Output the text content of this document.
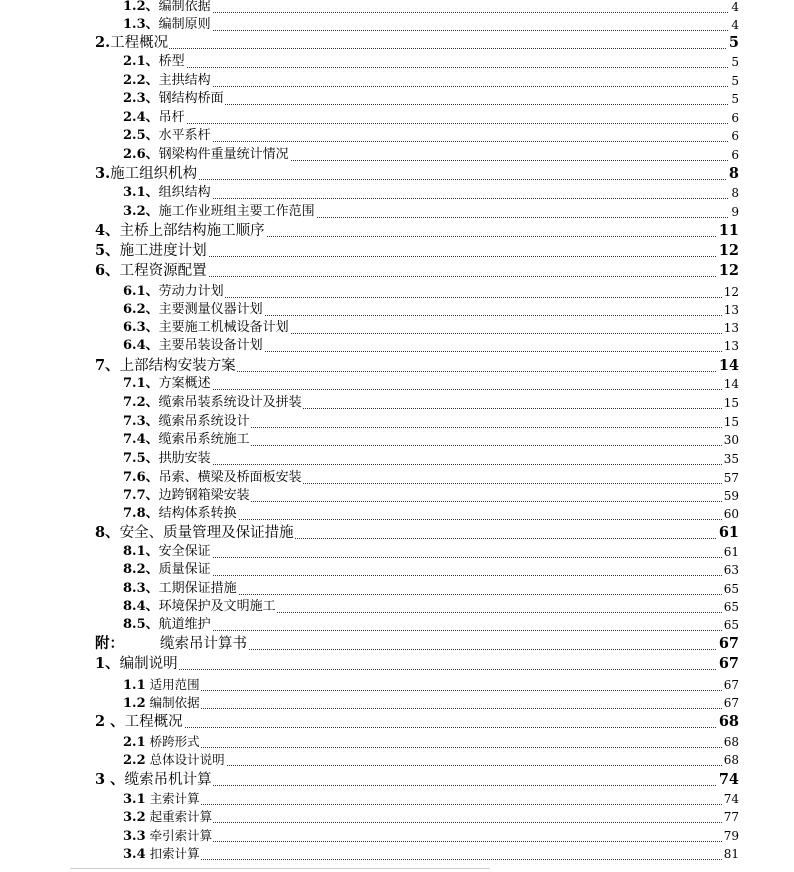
1.2、编制依据	4
1.3、编制原则	4
2.工程概况	5
2.1、桥型	5
2.2、主拱结构	5
2.3、钢结构桥面	5
2.4、吊杆	6
2.5、水平系杆	6
2.6、钢梁构件重量统计情况	6
3.施工组织机构	8
3.1、组织结构	8
3.2、施工作业班组主要工作范围	9
4、主桥上部结构施工顺序	11
5、施工进度计划	12
6、工程资源配置	12
6.1、劳动力计划	12
6.2、主要测量仪器计划	13
6.3、主要施工机械设备计划	13
6.4、主要吊装设备计划	13
7、上部结构安装方案	14
7.1、方案概述	14
7.2、缆索吊装系统设计及拼装	15
7.3、缆索吊系统设计	15
7.4、缆索吊系统施工	30
7.5、拱肋安装	35
7.6、吊索、横梁及桥面板安装	57
7.7、边跨钢箱梁安装	59
7.8、结构体系转换	60
8、安全、质量管理及保证措施	61
8.1、安全保证	61
8.2、质量保证	63
8.3、工期保证措施	65
8.4、环境保护及文明施工	65
8.5、航道维护	65
附： 缆索吊计算书	67
1、编制说明	67
1.1 适用范围	67
1.2 编制依据	67
2 、工程概况	68
2.1 桥跨形式	68
2.2 总体设计说明	68
3 、缆索吊机计算	74
3.1 主索计算	74
3.2 起重索计算	77
3.3 牵引索计算	79
3.4 扣索计算	81
